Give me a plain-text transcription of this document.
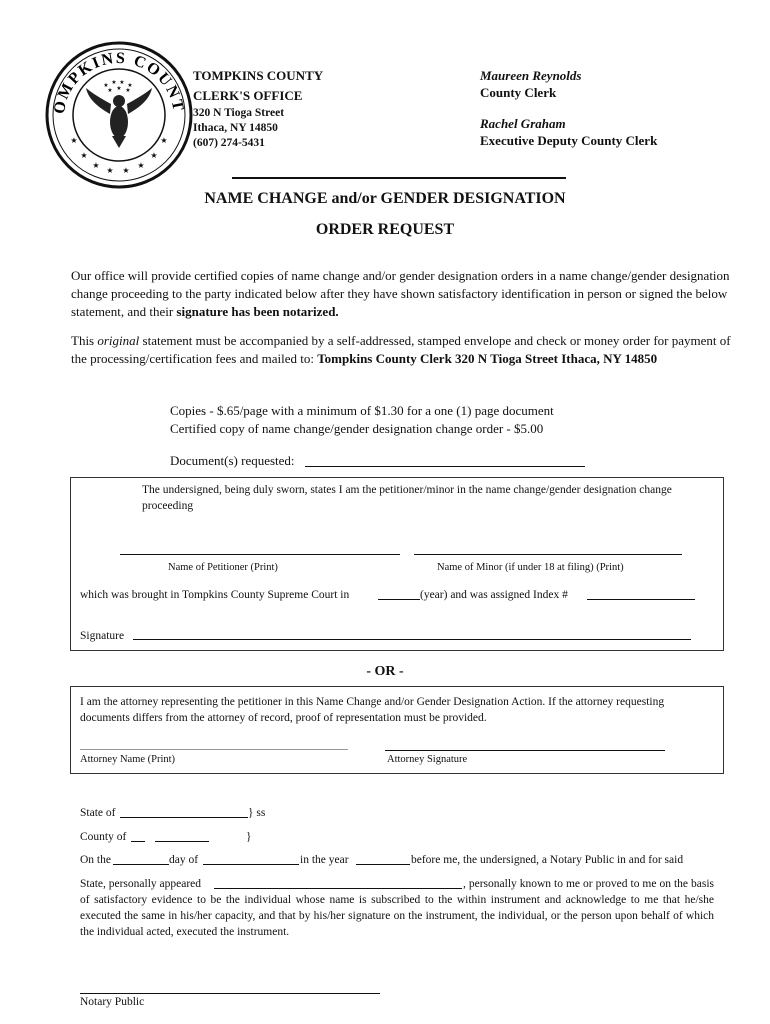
OMPKINS COUNT
★
★
★ ★
★
★
★	★
★ ★ ★ ★
★ ★ ★
TOMPKINS COUNTY
CLERK'S OFFICE
320 N Tioga Street
Ithaca, NY 14850
(607) 274-5431
Maureen Reynolds
County Clerk
Rachel Graham
Executive Deputy County Clerk
NAME CHANGE and/or GENDER DESIGNATION
ORDER REQUEST
Our office will provide certified copies of name change and/or gender designation orders in a name change/gender designation change proceeding to the party indicated below after they have shown satisfactory identification in person or signed the below statement, and their signature has been notarized.
This original statement must be accompanied by a self-addressed, stamped envelope and check or money order for payment of the processing/certification fees and mailed to: Tompkins County Clerk 320 N Tioga Street Ithaca, NY 14850
Copies - $.65/page with a minimum of $1.30 for a one (1) page document
Certified copy of name change/gender designation change order - $5.00
Document(s) requested:
The undersigned, being duly sworn, states I am the petitioner/minor in the name change/gender designation change proceeding
Name of Petitioner (Print)	Name of Minor (if under 18 at filing) (Print)
which was brought in Tompkins County Supreme Court in	(year) and was assigned Index #
Signature
- OR -
I am the attorney representing the petitioner in this Name Change and/or Gender Designation Action. If the attorney requesting documents differs from the attorney of record, proof of representation must be provided.
Attorney Name (Print)	Attorney Signature
State of	} ss
County of	}
On the	day of	in the year	before me, the undersigned, a Notary Public in and for said
State, personally appeared	, personally known to me or proved to me on the basis of satisfactory evidence to be the individual whose name is subscribed to the within instrument and acknowledge to me that he/she executed the same in his/her capacity, and that by his/her signature on the instrument, the individual, or the person upon behalf of which the individual acted, executed the instrument.
Notary Public
